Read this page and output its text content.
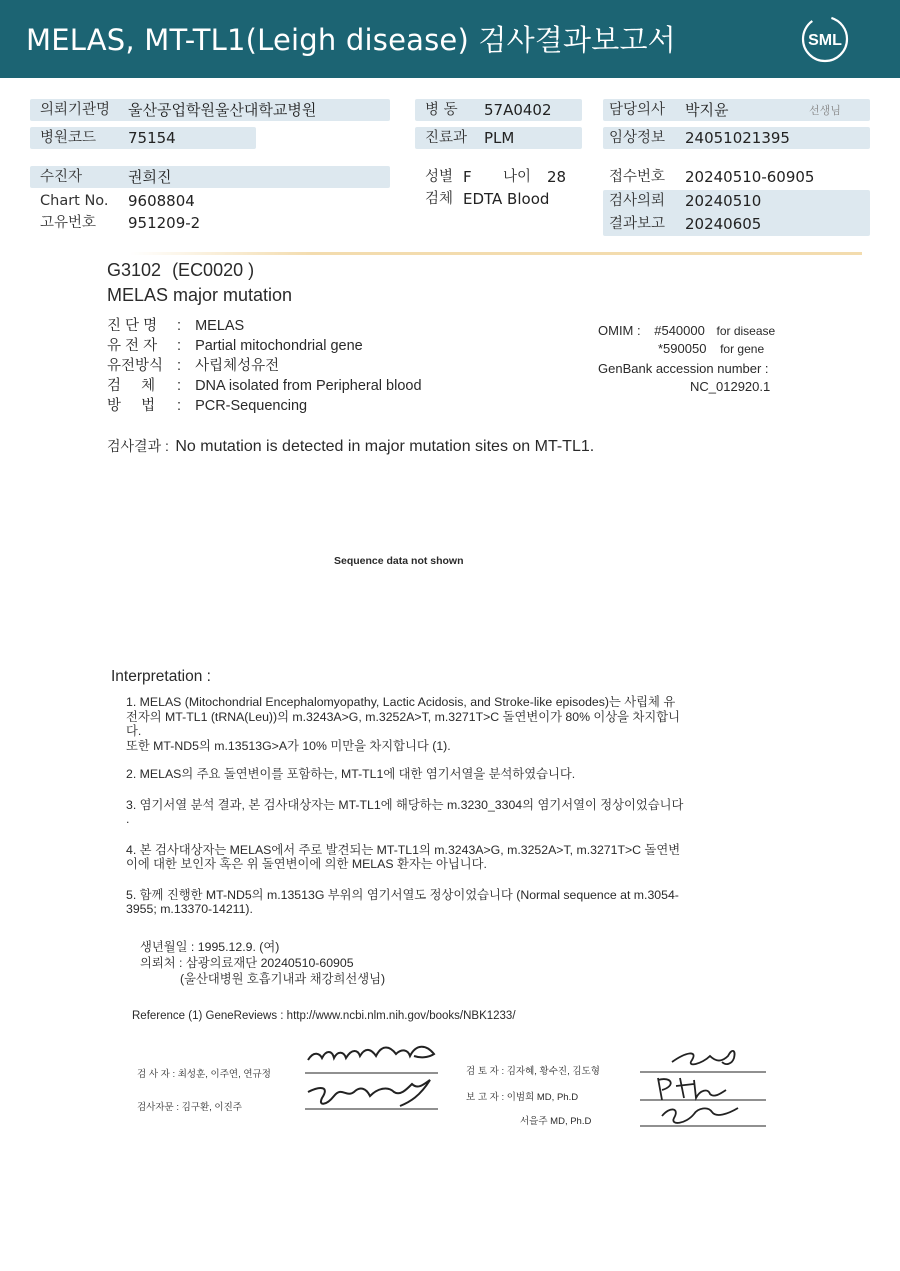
MELAS, MT-TL1(Leigh disease) 검사결과보고서	SML
의뢰기관명 울산공업학원울산대학교병원
병원코드 75154
병 동 57A0402
진료과 PLM
담당의사 박지윤	선생님
임상정보 24051021395
수진자	권희진
Chart No. 9608804
고유번호 951209-2
성별 F 나이 28
검체 EDTA Blood
접수번호 20240510-60905
검사의뢰 20240510
결과보고 20240605
G3102 (EC0020 )
MELAS major mutation
진 단 명 : MELAS
유 전 자 : Partial mitochondrial gene
유전방식 : 사립체성유전
검     체 : DNA isolated from Peripheral blood
방     법 : PCR-Sequencing
OMIM : #540000 for disease
*590050 for gene
GenBank accession number :
NC_012920.1
검사결과 : No mutation is detected in major mutation sites on MT-TL1.
Sequence data not shown
Interpretation :

1. MELAS (Mitochondrial Encephalomyopathy, Lactic Acidosis, and Stroke-like episodes)는 사립체 유

전자의 MT-TL1 (tRNA(Leu))의 m.3243A>G, m.3252A>T, m.3271T>C 돌연변이가 80% 이상을 차지합니

다.

또한 MT-ND5의 m.13513G>A가 10% 미만을 차지합니다 (1).

2. MELAS의 주요 돌연변이를 포함하는, MT-TL1에 대한 염기서열을 분석하였습니다.

3. 염기서열 분석 결과, 본 검사대상자는 MT-TL1에 해당하는 m.3230_3304의 염기서열이 정상이었습니다

.

4. 본 검사대상자는 MELAS에서 주로 발견되는 MT-TL1의 m.3243A>G, m.3252A>T, m.3271T>C 돌연변

이에 대한 보인자 혹은 위 돌연변이에 의한 MELAS 환자는 아닙니다.

5. 함께 진행한 MT-ND5의 m.13513G 부위의 염기서열도 정상이었습니다 (Normal sequence at m.3054-

3955; m.13370-14211).

생년월일 : 1995.12.9. (여)
의뢰처 : 삼광의료재단 20240510-60905
(울산대병원 호흡기내과 채강희선생님)
Reference (1) GeneReviews : http://www.ncbi.nlm.nih.gov/books/NBK1233/
검 사 자 : 최성훈, 이주연, 연규정
검사자문 : 김구환, 이진주
검 토 자 : 김자혜, 황수진, 김도형
보 고 자 : 이범희 MD, Ph.D
서을주 MD, Ph.D
